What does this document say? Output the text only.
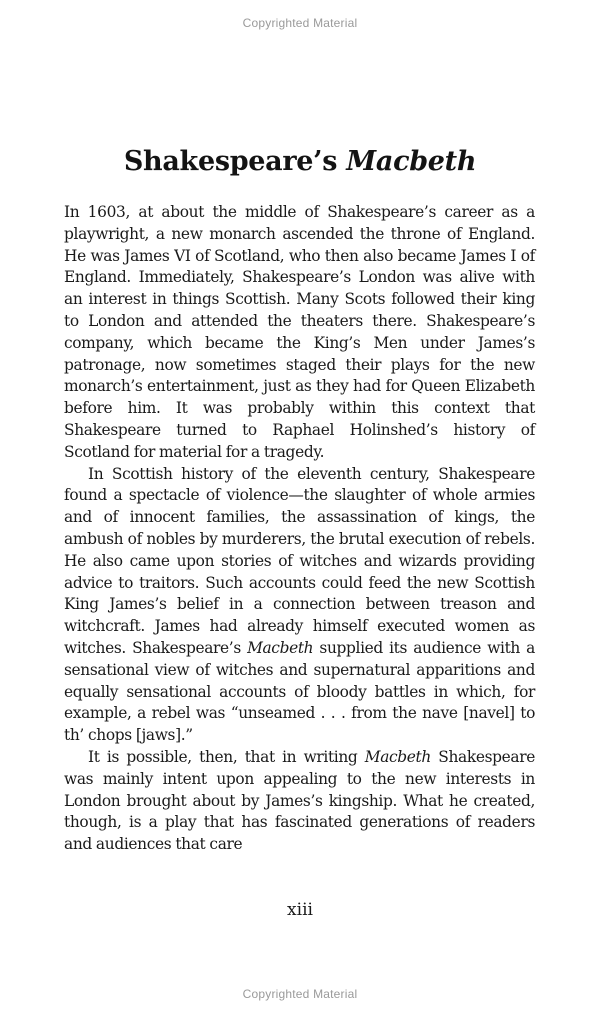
Copyrighted Material
Shakespeare’s Macbeth

In 1603, at about the middle of Shakespeare’s career as a playwright, a new monarch ascended the throne of England. He was James VI of Scotland, who then also became James I of England. Immediately, Shakespeare’s London was alive with an interest in things Scottish. Many Scots followed their king to London and attended the theaters there. Shakespeare’s company, which became the King’s Men under James’s patronage, now sometimes staged their plays for the new monarch’s entertainment, just as they had for Queen Elizabeth before him. It was probably within this context that Shakespeare turned to Raphael Holinshed’s history of Scotland for material for a tragedy.

In Scottish history of the eleventh century, Shakespeare found a spectacle of violence—the slaughter of whole armies and of innocent families, the assassination of kings, the ambush of nobles by murderers, the brutal execution of rebels. He also came upon stories of witches and wizards providing advice to traitors. Such accounts could feed the new Scottish King James’s belief in a connection between treason and witchcraft. James had already himself executed women as witches. Shakespeare’s Macbeth supplied its audience with a sensational view of witches and supernatural apparitions and equally sensational accounts of bloody battles in which, for example, a rebel was “unseamed . . . from the nave [navel] to th’ chops [jaws].”

It is possible, then, that in writing Macbeth Shakespeare was mainly intent upon appealing to the new interests in London brought about by James’s kingship. What he created, though, is a play that has fascinated generations of readers and audiences that care

xiii
Copyrighted Material
